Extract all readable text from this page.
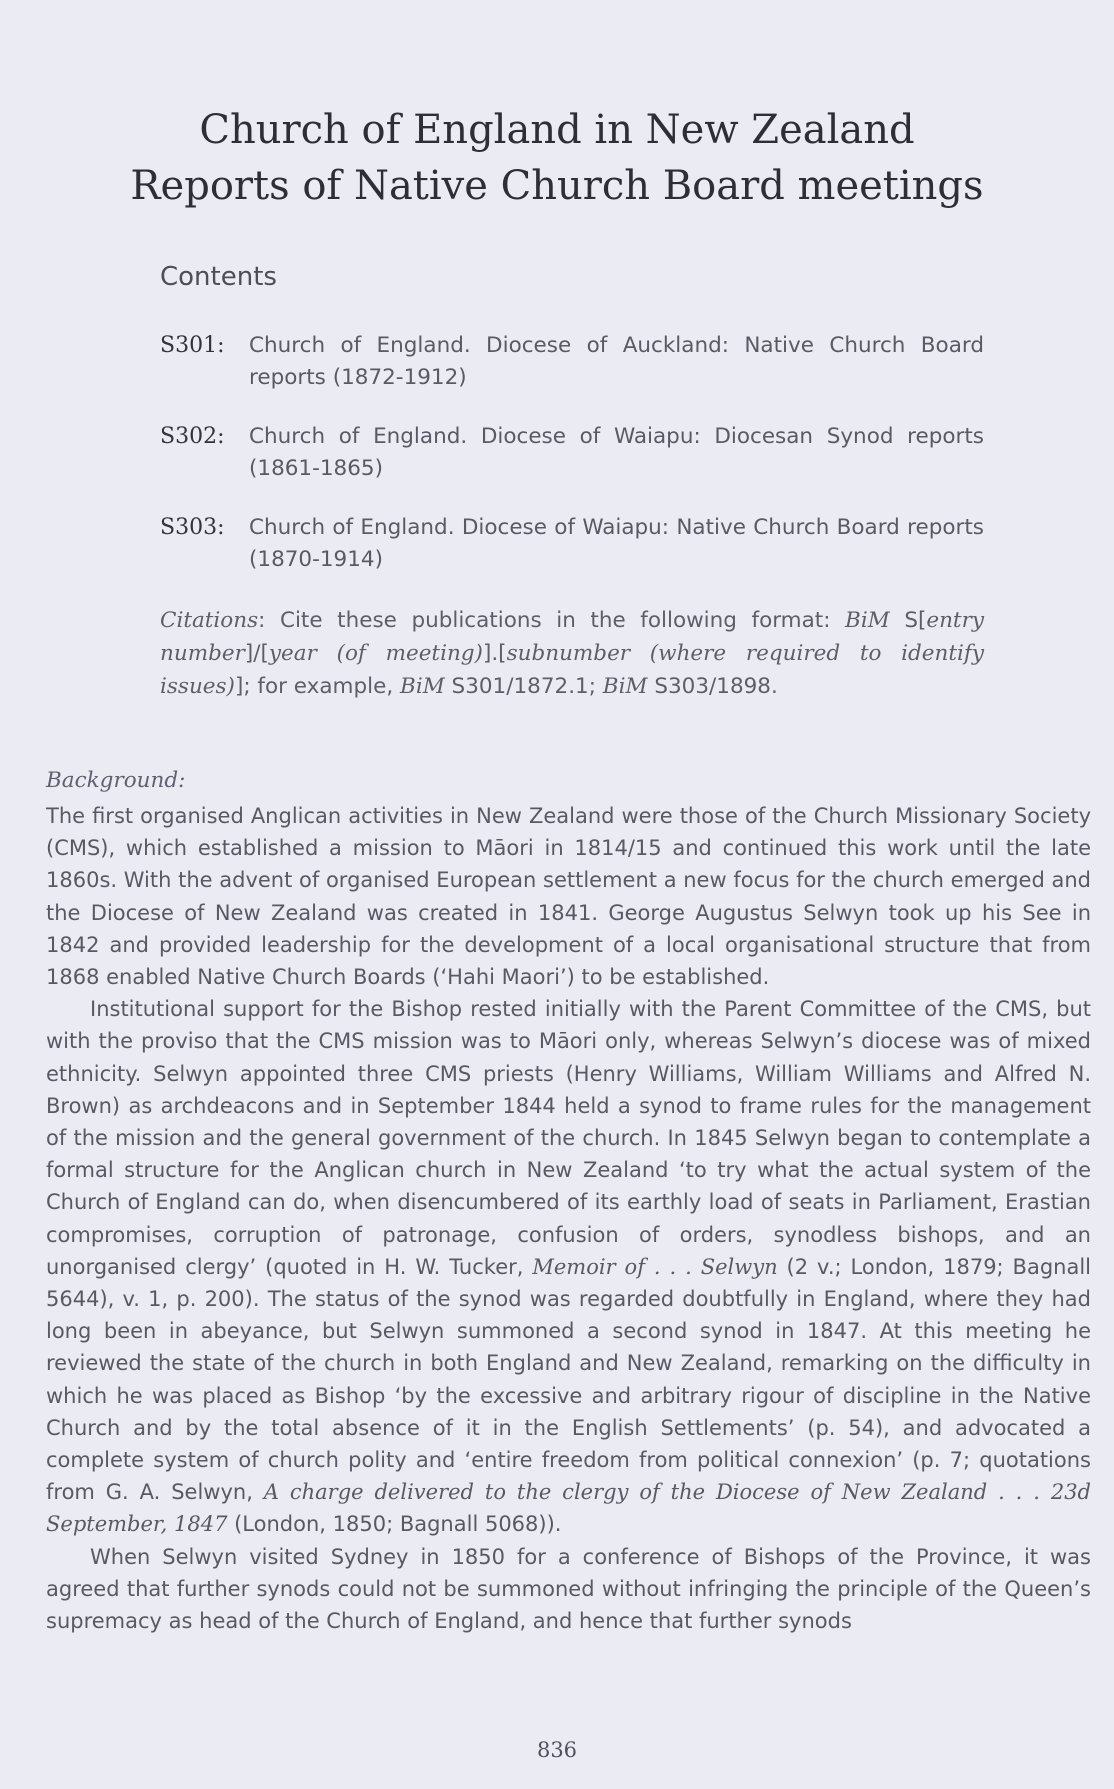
Church of England in New Zealand
Reports of Native Church Board meetings
Contents
S301: Church of England. Diocese of Auckland: Native Church Board reports (1872-1912)
S302: Church of England. Diocese of Waiapu: Diocesan Synod reports (1861-1865)
S303: Church of England. Diocese of Waiapu: Native Church Board reports (1870-1914)
Citations: Cite these publications in the following format: BiM S[entry number]/[year (of meeting)].[subnumber (where required to identify issues)]; for example, BiM S301/1872.1; BiM S303/1898.
Background:

The first organised Anglican activities in New Zealand were those of the Church Missionary Society (CMS), which established a mission to Māori in 1814/15 and continued this work until the late 1860s. With the advent of organised European settlement a new focus for the church emerged and the Diocese of New Zealand was created in 1841. George Augustus Selwyn took up his See in 1842 and provided leadership for the development of a local organisational structure that from 1868 enabled Native Church Boards (‘Hahi Maori’) to be established.

Institutional support for the Bishop rested initially with the Parent Committee of the CMS, but with the proviso that the CMS mission was to Māori only, whereas Selwyn’s diocese was of mixed ethnicity. Selwyn appointed three CMS priests (Henry Williams, William Williams and Alfred N. Brown) as archdeacons and in September 1844 held a synod to frame rules for the management of the mission and the general government of the church. In 1845 Selwyn began to contemplate a formal structure for the Anglican church in New Zealand ‘to try what the actual system of the Church of England can do, when disencumbered of its earthly load of seats in Parliament, Erastian compromises, corruption of patronage, confusion of orders, synodless bishops, and an unorganised clergy’ (quoted in H. W. Tucker, Memoir of . . . Selwyn (2 v.; London, 1879; Bagnall 5644), v. 1, p. 200). The status of the synod was regarded doubtfully in England, where they had long been in abeyance, but Selwyn summoned a second synod in 1847. At this meeting he reviewed the state of the church in both England and New Zealand, remarking on the difficulty in which he was placed as Bishop ‘by the excessive and arbitrary rigour of discipline in the Native Church and by the total absence of it in the English Settlements’ (p. 54), and advocated a complete system of church polity and ‘entire freedom from political connexion’ (p. 7; quotations from G. A. Selwyn, A charge delivered to the clergy of the Diocese of New Zealand . . . 23d September, 1847 (London, 1850; Bagnall 5068)).

When Selwyn visited Sydney in 1850 for a conference of Bishops of the Province, it was agreed that further synods could not be summoned without infringing the principle of the Queen’s supremacy as head of the Church of England, and hence that further synods

836
